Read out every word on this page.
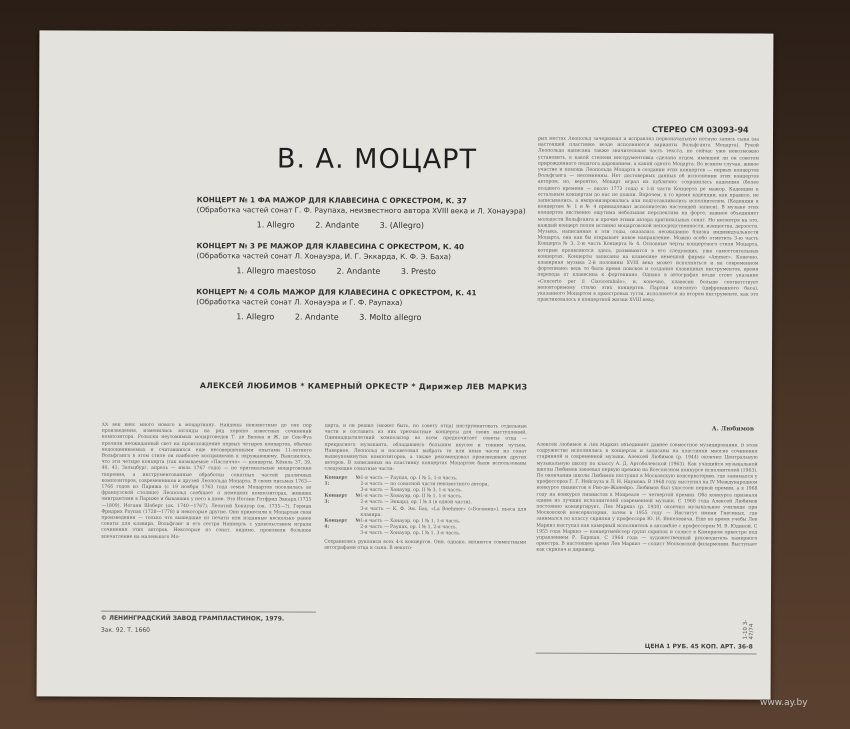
СТЕРЕО СМ 03093-94
В. А. МОЦАРТ
КОНЦЕРТ № 1 ФА МАЖОР ДЛЯ КЛАВЕСИНА С ОРКЕСТРОМ, К. 37
(Обработка частей сонат Г. Ф. Раупаха, неизвестного автора XVIII века и Л. Хонауэра)
1. Allegro	2. Andante	3. (Allegro)
КОНЦЕРТ № 3 РЕ МАЖОР ДЛЯ КЛАВЕСИНА С ОРКЕСТРОМ, К. 40
(Обработка частей сонат Л. Хонауэра, И. Г. Эккарда, К. Ф. Э. Баха)
1. Allegro maestoso	2. Andante	3. Presto
КОНЦЕРТ № 4 СОЛЬ МАЖОР ДЛЯ КЛАВЕСИНА С ОРКЕСТРОМ, К. 41
(Обработка частей сонат Л. Хонауэра и Г. Ф. Раупаха)
1. Allegro	2. Andante	3. Molto allegro
АЛЕКСЕЙ ЛЮБИМОВ * КАМЕРНЫЙ ОРКЕСТР * Дирижер ЛЕВ МАРКИЗ
рых местах Леопольд зачеркивал и исправлял первоначальную нотную запись сына (на настоящей пластинке везде исполняются варианты Вольфганга Моцарта). Рукой Леопольда написана также значительная часть текста, но сейчас уже невозможно установить, в какой степени инструментовка сделана отцом, имевшей ли он советом прирожденного педагога дарованием, а какой одного Моцарта. Во всяком случае, живое участие и помощь Леопольда Моцарта в создании этих концертов — первых концертов Вольфганга — несомненны. Нет достоверных данных об исполнении этих концертов автором, но, вероятно, Моцарт играл их публично; сохранилась каденция (более позднего времени — около 1773 года) к 1-й части Концерта ре мажор. Каденции к остальным концертам до нас не дошли. Впрочем, в то время каденции, как правило, не записывались, а импровизировались или подготавливались исполнителем. (Каденции к концертам № 1 и № 4 принадлежат исполнителю настоящей записи). В музыке этих концертов явственно ощутима небольшая перспектива на форте, важнее объединяет молодости Вольфганга и прочие этими автора оригинальных сонат. Но несмотря на это, каждый концерт полон истинно моцартовской непосредственности, изящества, дерзости. Музыка, написанная в эти годы, оказалась неожиданно близка индивидуальности Моцарта, она как бы открывает новое направление. Можно особо отметить 3-ю часть Концерта № 3, 2-ю часть Концерта № 4. Основные черты концертного стиля Моцарта, которые проявляются здесь, развиваются в его следующих, уже самостоятельных концертах. Концерты записаны на клавесине немецкой фирмы «Ammer». Конечно, клавирная музыка 2-й половины XVIII века может исполняться и на современном фортепиано: ведь то было время поисков и создания клавишных инструментов, время перехода от клавесина к фортепиано. Однако в автографах везде стоит указание «Concerto per il Clavicembalo», и, конечно, клавесин больше соответствует неповторимому стилю этих концертов. Партии континуо (цифрованного баса), указанного Моцартом в оркестровых тутти, исполняется на втором инструменте, как это практиковалось в концертной жизни XVIII века.
А. Любимов
Алексей Любимов и Лев Маркиз объединяет давнее совместное музицирование. В этом содружестве исполнялись в концертах и записаны на пластинки многие сочинения старинной и современной музыки. Алексей Любимов (р. 1944) окончил Центральную музыкальную школу по классу А. Д. Артоболевской (1963). Как учащийся музыкальной школы Любимов завоевал первую премию на Всесоюзном конкурсе исполнителей (1963). По окончании школы Любимов поступил в Московскую консерваторию, где занимался у профессоров Г. Г. Нейгауза и Л. Н. Наумова. В 1968 году выступил на IV Международном конкурсе пианистов в Рио-де-Жанейро. Любимов был удостоен первой премии, а в 1968 году на конкурсе пианистов в Монреале — четвертой премии. Оба конкурса признали одним из лучших исполнителей современной музыки. С 1968 года Алексей Любимов постоянно концертирует. Лев Маркиз (р. 1930) окончил музыкальное училище при Московской консерватории, затем в 1955 году — Институт имени Гнесиных, где занимался по классу скрипки у профессора Ю. И. Янкелевича. Еще во время учебы Лев Маркиз выступал как камерный исполнитель в ансамбле с профессором М. В. Юдиной. С 1955 года Маркиз — концертмейстер групп скрипок и солист в Камерном оркестре под управлением Р. Баршая. С 1964 года — художественный руководитель камерного оркестра. В настоящее время Лев Маркиз — солист Московской филармонии. Выступает как скрипач и дирижер.
XX век внес много нового в моцартиану. Найдены неизвестные до сих пор произведения, изменились взгляды на ряд хорошо известных сочинений композитора. Розыски неутомимых моцартоведов Т. де Визева и Ж. де Сен-Фуа пролили неожиданный свет на происхождение первых четырех концертов, обычно недооцениваемых и считавшихся еще несовершенными опытами 11-летнего Вольфганга в этом стиле он наиболее восприимчив к окружающему. Выяснилось, что эти четыре концерта (так называемые «Пастиччо» — концерты, Кёхель 37, 39, 40, 41; Зальцбург, апрель — июль 1767 года) — не оригинальные моцартовские творения, а инструментованные обработки сонатных частей различных композиторов, современников и друзей Леопольда Моцарта. В своих письмах 1763—1766 годов из Парижа (с 19 ноября 1763 года семья Моцартов поселилась во французской столице) Леопольд сообщает о немецких композиторах, живших эмигрантами в Париже и бывавших у него в доме. Это Иоганн Готфрид Эккард (1735—1809), Иоганн Шоберт (ок. 1740—1767), Леонтий Хонауэр (ок. 1735—?), Герман Фридрих Раупах (1728—1778) и некоторые другие. Они приносили к Моцартам свои произведения — только что вышедшие из печати или изданные несколько ранее сонаты для клавира. Вольфганг и его сестра Наннерль с удовольствием играли сочинения этих авторов. Некоторые из сонат, видимо, произвели большое впечатление на маленького Мо-
царта, и он решил (может быть, по совету отца) инструментовать отдельные части и составить из них трехчастные концерты для своих выступлений. Одиннадцатилетний композитор во всем предпочитает советы отца — прекрасного музыканта, обладавшего большим вкусом и тонким чутьем. Наверное, Леопольд и посоветовал выбрать те или иные части из сонат вышеупомянутых композиторов, а также рекомендовал произведения других авторов. В записанных на пластинку концертах Моцартом были использованы следующие сонатные части:
Концерт № 1:
1-я часть — Раупах, ор. I № 5, 1-я часть.
2-я часть — по сонатной части неизвестного автора.
3-я часть — Хонауэр, ор. II № 3, 1-я часть.
Концерт № 3:
1-я часть — Хонауэр, ор. II № 1, 1-я часть.
2-я часть — Эккард, ор. I № 4 (в одной части).
3-я часть — К. Ф. Эм. Бах, «La Boehmer» («Богемец»), пьеса для клавира.
Концерт № 4:
1-я часть — Хонауэр, ор. I № 1, 1-я часть.
2-я часть — Раупах, ор. I № 1, 2-я часть.
3-я часть — Хонауэр, ор. I № 1, 3-я часть.
Сохранились рукописи всех 4-х концертов. Они, однако, являются совместными автографами отца и сына. В некото-
© ЛЕНИНГРАДСКИЙ ЗАВОД ГРАМПЛАСТИНОК, 1979.
Зак. 92. Т. 1660
ЦЕНА 1 РУБ. 45 КОП. АРТ. 36-8
1-10 3-47/74
www.ay.by
